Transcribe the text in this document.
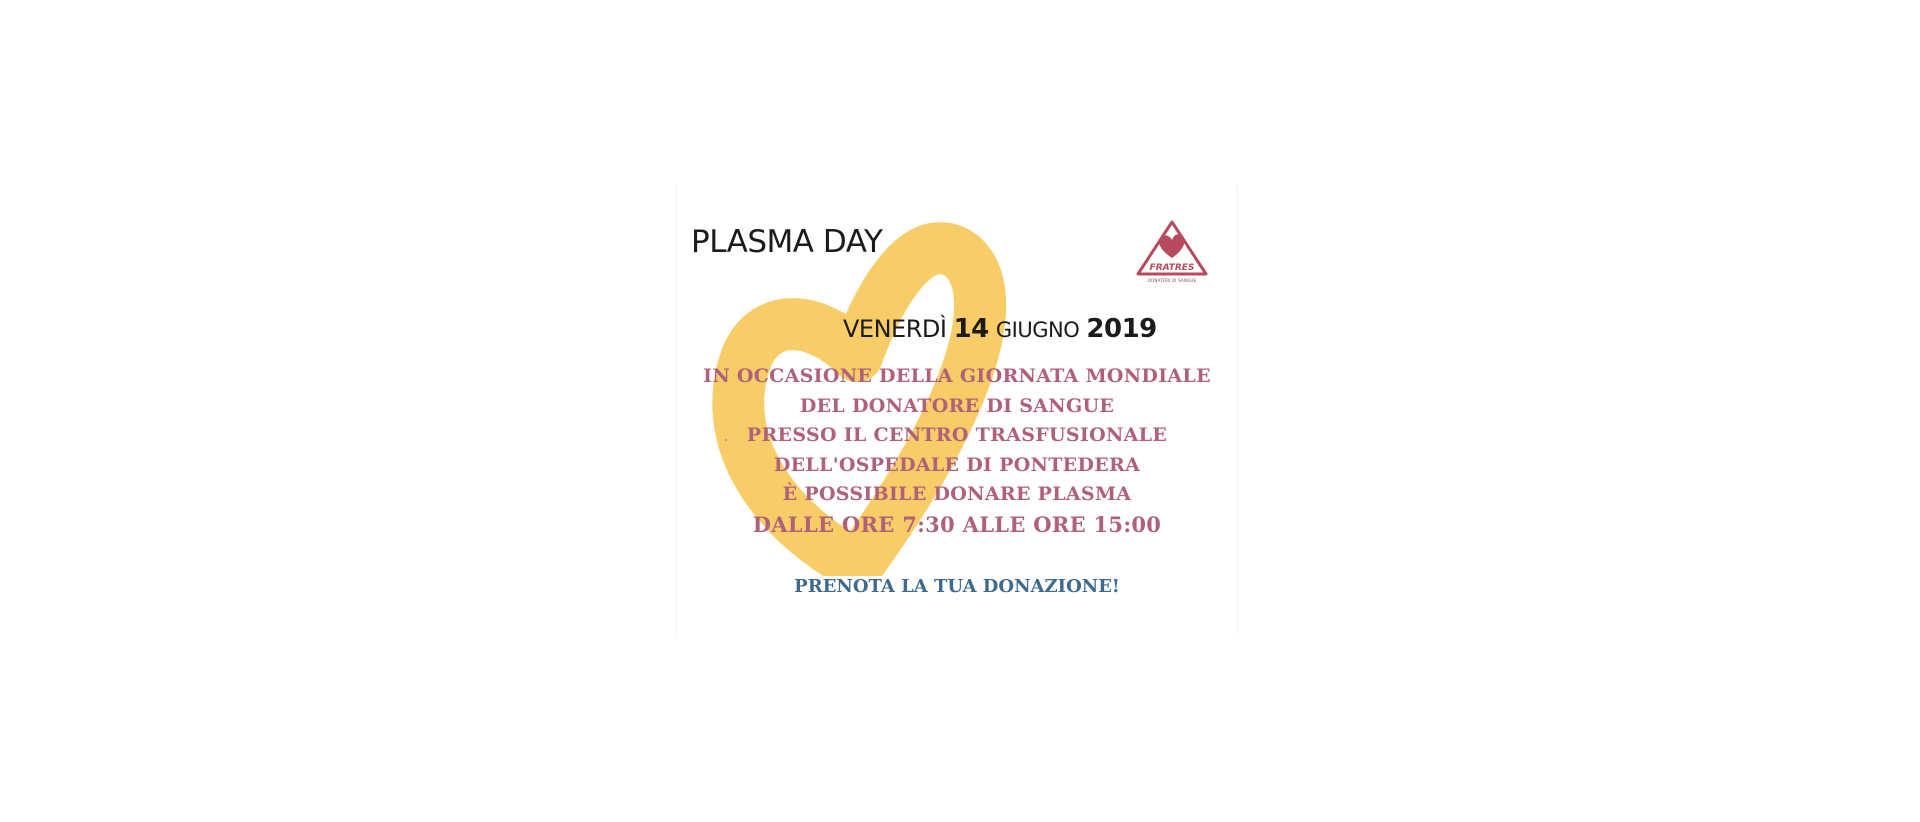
PLASMA DAY
FRATRES
DONATORI DI SANGUE
VENERDÌ 14 GIUGNO 2019

IN OCCASIONE DELLA GIORNATA MONDIALE
DEL DONATORE DI SANGUE
PRESSO IL CENTRO TRASFUSIONALE
DELL'OSPEDALE DI PONTEDERA
È POSSIBILE DONARE PLASMA
DALLE ORE 7:30 ALLE ORE 15:00

PRENOTA LA TUA DONAZIONE!
